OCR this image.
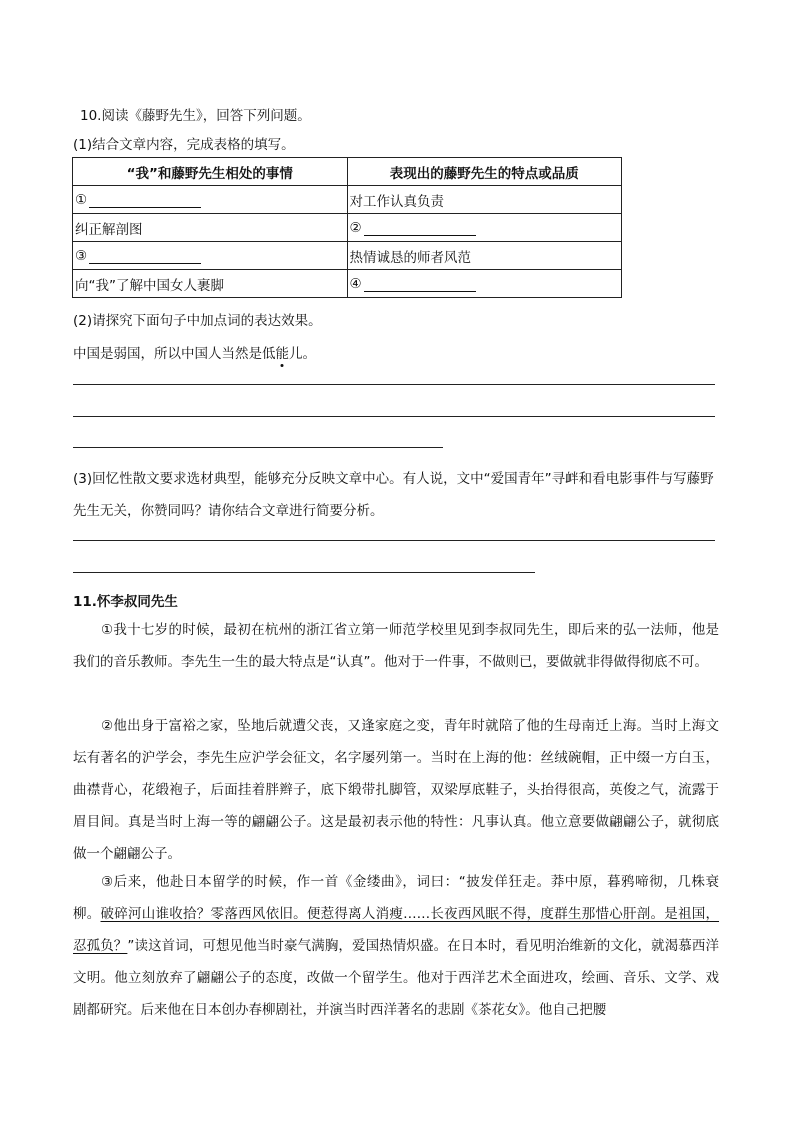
10.阅读《藤野先生》，回答下列问题。
(1)结合文章内容，完成表格的填写。
“我”和藤野先生相处的事情	表现出的藤野先生的特点或品质
①	对工作认真负责
纠正解剖图	②
③	热情诚恳的师者风范
向“我”了解中国女人裹脚	④
(2)请探究下面句子中加点词的表达效果。
中国是弱国，所以中国人当然是低能儿。
(3)回忆性散文要求选材典型，能够充分反映文章中心。有人说，文中“爱国青年”寻衅和看电影事件与写藤野先生无关，你赞同吗？请你结合文章进行简要分析。
11.怀李叔同先生
①我十七岁的时候，最初在杭州的浙江省立第一师范学校里见到李叔同先生，即后来的弘一法师，他是我们的音乐教师。李先生一生的最大特点是“认真”。他对于一件事，不做则已，要做就非得做得彻底不可。
②他出身于富裕之家，坠地后就遭父丧，又逢家庭之变，青年时就陪了他的生母南迁上海。当时上海文坛有著名的沪学会，李先生应沪学会征文，名字屡列第一。当时在上海的他：丝绒碗帽，正中缀一方白玉，曲襟背心，花缎袍子，后面挂着胖辫子，底下缎带扎脚管，双梁厚底鞋子，头抬得很高，英俊之气，流露于眉目间。真是当时上海一等的翩翩公子。这是最初表示他的特性：凡事认真。他立意要做翩翩公子，就彻底做一个翩翩公子。
③后来，他赴日本留学的时候，作一首《金缕曲》，词曰：“披发佯狂走。莽中原，暮鸦啼彻，几株衰柳。破碎河山谁收拾？零落西风依旧。便惹得离人消瘦……长夜西风眠不得，度群生那惜心肝剖。是祖国，忍孤负？”读这首词，可想见他当时豪气满胸，爱国热情炽盛。在日本时，看见明治维新的文化，就渴慕西洋文明。他立刻放弃了翩翩公子的态度，改做一个留学生。他对于西洋艺术全面进攻，绘画、音乐、文学、戏剧都研究。后来他在日本创办春柳剧社，并演当时西洋著名的悲剧《茶花女》。他自己把腰
